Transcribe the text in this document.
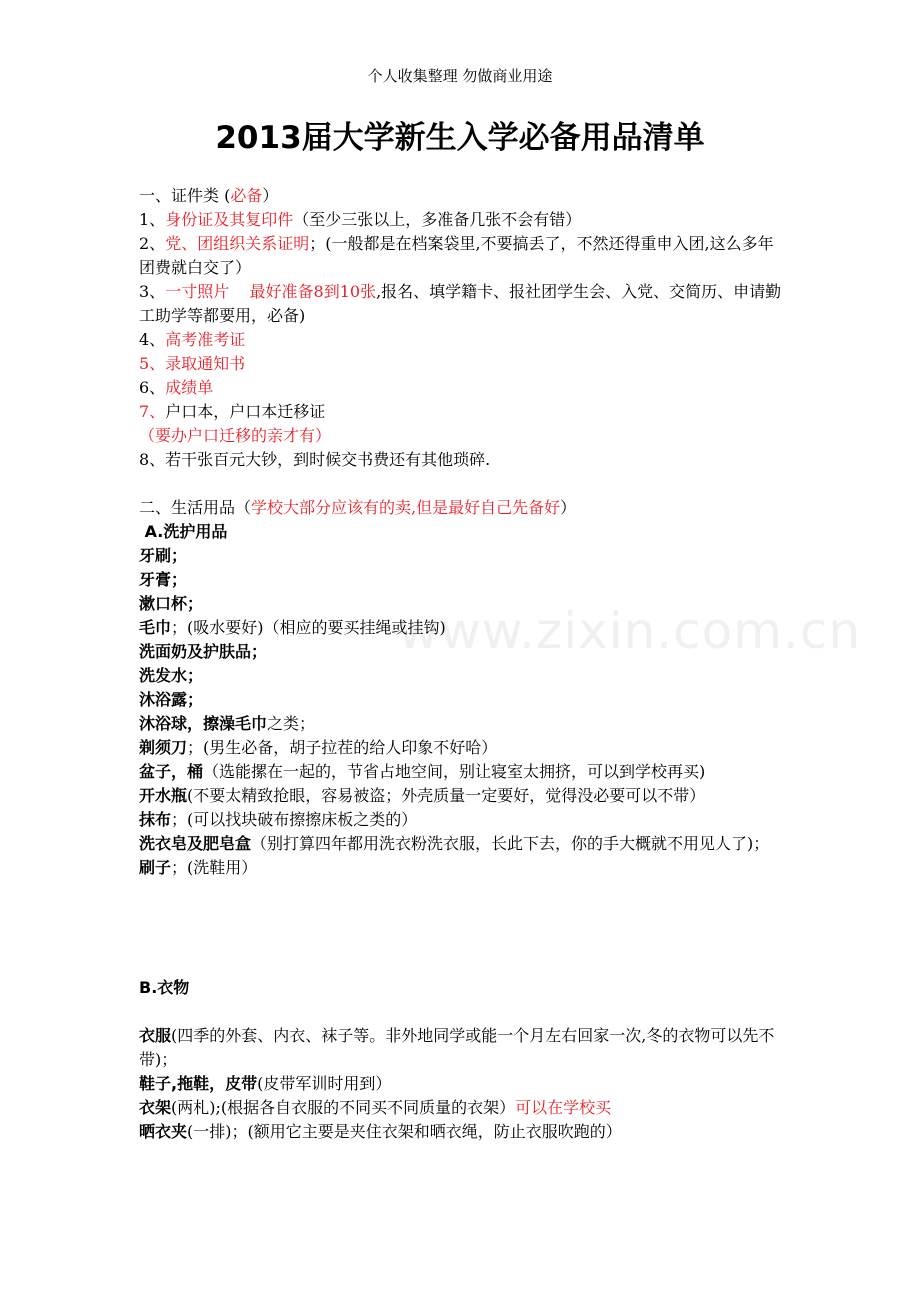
个人收集整理 勿做商业用途
2013届大学新生入学必备用品清单
www.zixin.com.cn
一、证件类 (必备）
1、身份证及其复印件（至少三张以上，多准备几张不会有错）
2、党、团组织关系证明；(一般都是在档案袋里,不要搞丢了，不然还得重申入团,这么多年团费就白交了）
3、一寸照片    最好准备8到10张,报名、填学籍卡、报社团学生会、入党、交简历、申请勤工助学等都要用，必备)
4、高考准考证
5、录取通知书
6、成绩单
7、户口本，户口本迁移证
（要办户口迁移的亲才有）
8、若干张百元大钞，到时候交书费还有其他琐碎.
二、生活用品（学校大部分应该有的卖,但是最好自己先备好）
A.洗护用品
牙刷；
牙膏；
漱口杯；
毛巾；(吸水要好)（相应的要买挂绳或挂钩)
洗面奶及护肤品；
洗发水；
沐浴露；
沐浴球，擦澡毛巾之类；
剃须刀；(男生必备，胡子拉茬的给人印象不好哈）
盆子，桶（选能摞在一起的，节省占地空间，别让寝室太拥挤，可以到学校再买)
开水瓶(不要太精致抢眼，容易被盗；外壳质量一定要好，觉得没必要可以不带）
抹布；(可以找块破布擦擦床板之类的）
洗衣皂及肥皂盒（别打算四年都用洗衣粉洗衣服，长此下去，你的手大概就不用见人了)；
刷子；(洗鞋用）
B.衣物
衣服(四季的外套、内衣、袜子等。非外地同学或能一个月左右回家一次,冬的衣物可以先不带)；
鞋子,拖鞋，皮带(皮带军训时用到）
衣架(两札);(根据各自衣服的不同买不同质量的衣架）可以在学校买
晒衣夹(一排)；(额用它主要是夹住衣架和晒衣绳，防止衣服吹跑的）
